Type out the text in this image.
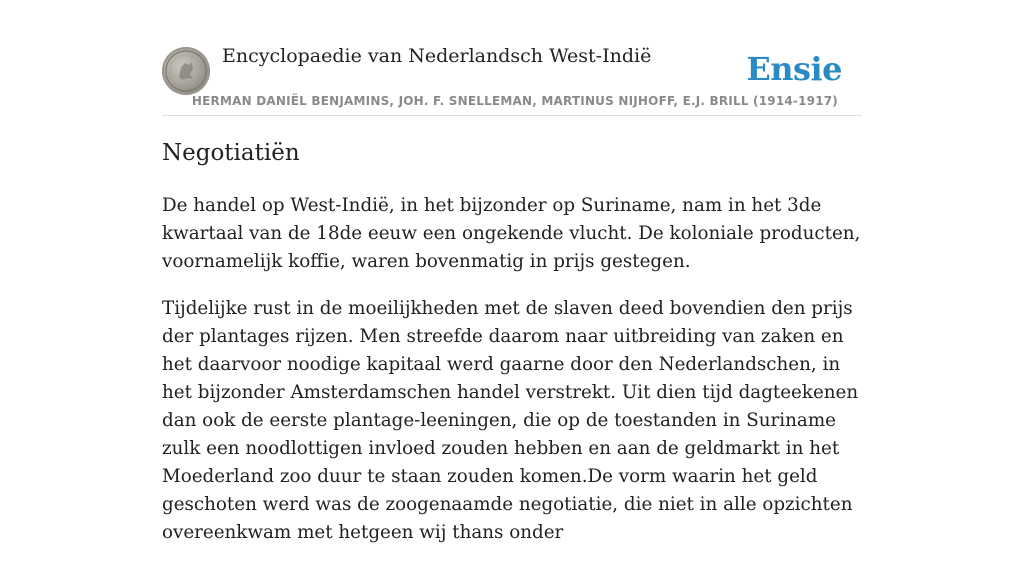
Encyclopaedie van Nederlandsch West-Indië	Ensie
HERMAN DANIËL BENJAMINS, JOH. F. SNELLEMAN, MARTINUS NIJHOFF, E.J. BRILL (1914-1917)
Negotiatiën

De handel op West-Indië, in het bijzonder op Suriname, nam in het 3de kwartaal van de 18de eeuw een ongekende vlucht. De koloniale producten, voornamelijk koffie, waren bovenmatig in prijs gestegen.

Tijdelijke rust in de moeilijkheden met de slaven deed bovendien den prijs der plantages rijzen. Men streefde daarom naar uitbreiding van zaken en het daarvoor noodige kapitaal werd gaarne door den Nederlandschen, in het bijzonder Amsterdamschen handel verstrekt. Uit dien tijd dagteekenen dan ook de eerste plantage-leeningen, die op de toestanden in Suriname zulk een noodlottigen invloed zouden hebben en aan de geldmarkt in het Moederland zoo duur te staan zouden komen.De vorm waarin het geld geschoten werd was de zoogenaamde negotiatie, die niet in alle opzichten overeenkwam met hetgeen wij thans onder
